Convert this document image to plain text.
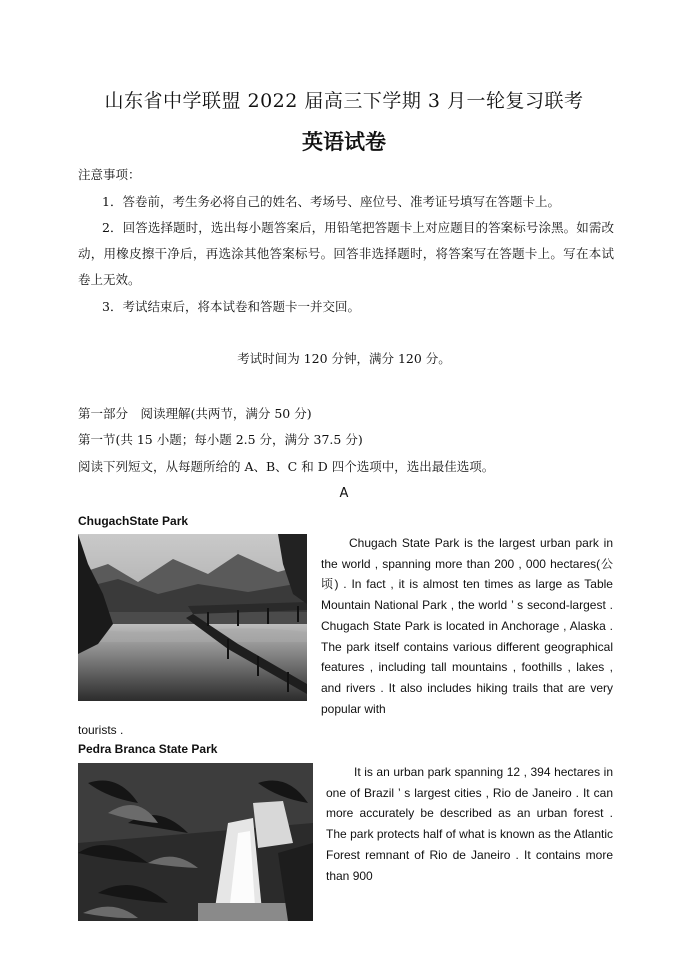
山东省中学联盟 2022 届高三下学期 3 月一轮复习联考
英语试卷
注意事项：
1．答卷前，考生务必将自己的姓名、考场号、座位号、准考证号填写在答题卡上。
2．回答选择题时，选出每小题答案后，用铅笔把答题卡上对应题目的答案标号涂黑。如需改动，用橡皮擦干净后，再选涂其他答案标号。回答非选择题时，将答案写在答题卡上。写在本试卷上无效。
3．考试结束后，将本试卷和答题卡一并交回。
考试时间为 120 分钟，满分 120 分。
第一部分　阅读理解(共两节，满分 50 分)
第一节(共 15 小题；每小题 2.5 分，满分 37.5 分)
阅读下列短文，从每题所给的 A、B、C 和 D 四个选项中，选出最佳选项。
A
ChugachState Park
Chugach State Park is the largest urban park in the world , spanning more than 200 , 000 hectares(公顷) . In fact , it is almost ten times as large as Table Mountain National Park , the world ’ s second-largest . Chugach State Park is located in Anchorage , Alaska . The park itself contains various different geographical features , including tall mountains , foothills , lakes , and rivers . It also includes hiking trails that are very popular with
tourists .
Pedra Branca State Park
It is an urban park spanning 12 , 394 hectares in one of Brazil ’ s largest cities , Rio de Janeiro . It can more accurately be described as an urban forest . The park protects half of what is known as the Atlantic Forest remnant of Rio de Janeiro . It contains more than 900
